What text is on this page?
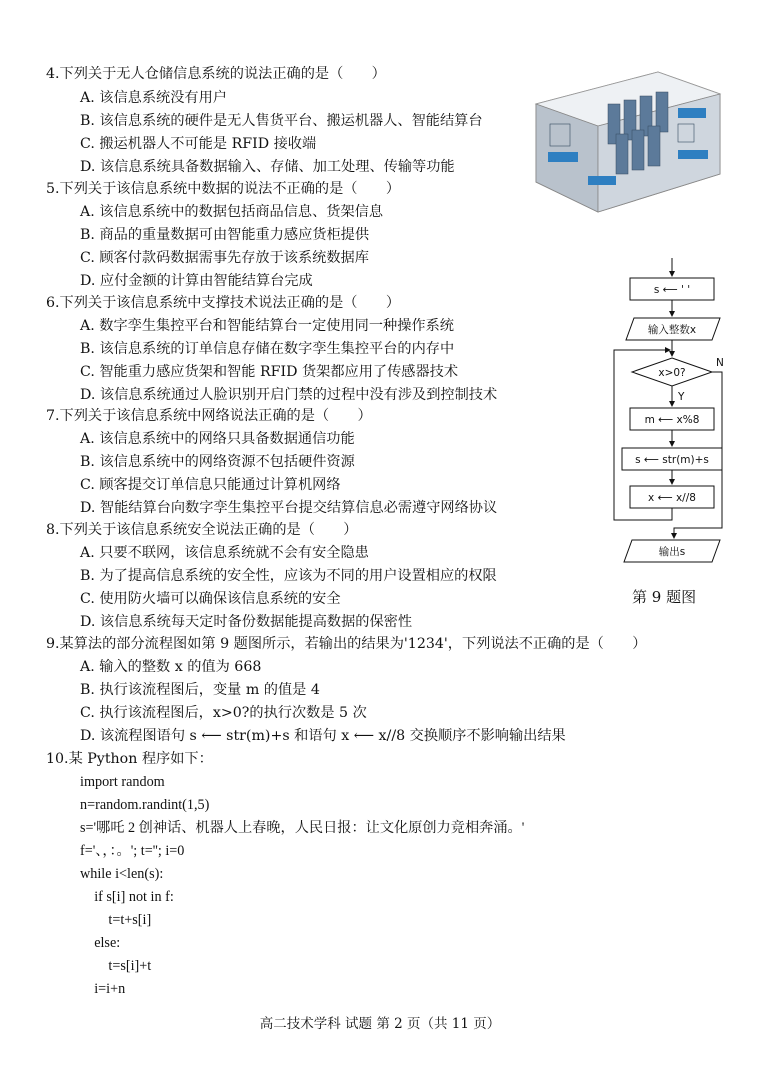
4.下列关于无人仓储信息系统的说法正确的是（　　）
A. 该信息系统没有用户
B. 该信息系统的硬件是无人售货平台、搬运机器人、智能结算台
C. 搬运机器人不可能是 RFID 接收端
D. 该信息系统具备数据输入、存储、加工处理、传输等功能
5.下列关于该信息系统中数据的说法不正确的是（　　）
A. 该信息系统中的数据包括商品信息、货架信息
B. 商品的重量数据可由智能重力感应货柜提供
C. 顾客付款码数据需事先存放于该系统数据库
D. 应付金额的计算由智能结算台完成
6.下列关于该信息系统中支撑技术说法正确的是（　　）
A. 数字孪生集控平台和智能结算台一定使用同一种操作系统
B. 该信息系统的订单信息存储在数字孪生集控平台的内存中
C. 智能重力感应货架和智能 RFID 货架都应用了传感器技术
D. 该信息系统通过人脸识别开启门禁的过程中没有涉及到控制技术
7.下列关于该信息系统中网络说法正确的是（　　）
A. 该信息系统中的网络只具备数据通信功能
B. 该信息系统中的网络资源不包括硬件资源
C. 顾客提交订单信息只能通过计算机网络
D. 智能结算台向数字孪生集控平台提交结算信息必需遵守网络协议
8.下列关于该信息系统安全说法正确的是（　　）
A. 只要不联网，该信息系统就不会有安全隐患
B. 为了提高信息系统的安全性，应该为不同的用户设置相应的权限
C. 使用防火墙可以确保该信息系统的安全
D. 该信息系统每天定时备份数据能提高数据的保密性
9.某算法的部分流程图如第 9 题图所示，若输出的结果为'1234'，下列说法不正确的是（　　）
A. 输入的整数 x 的值为 668
B. 执行该流程图后，变量 m 的值是 4
C. 执行该流程图后，x>0?的执行次数是 5 次
D. 该流程图语句 s ⟵ str(m)+s 和语句 x ⟵ x//8 交换顺序不影响输出结果
10.某 Python 程序如下：
import random
n=random.randint(1,5)
s='哪吒 2 创神话、机器人上春晚，人民日报：让文化原创力竞相奔涌。'
f='、，：。'; t=''; i=0
while i<len(s):
if s[i] not in f:
t=t+s[i]
else:
t=s[i]+t
i=i+n
s ⟵ ' '
输入整数x
x>0?
Y
N
m ⟵ x%8
s ⟵ str(m)+s
x ⟵ x//8
输出s
第 9 题图
高二技术学科 试题 第 2 页（共 11 页）
